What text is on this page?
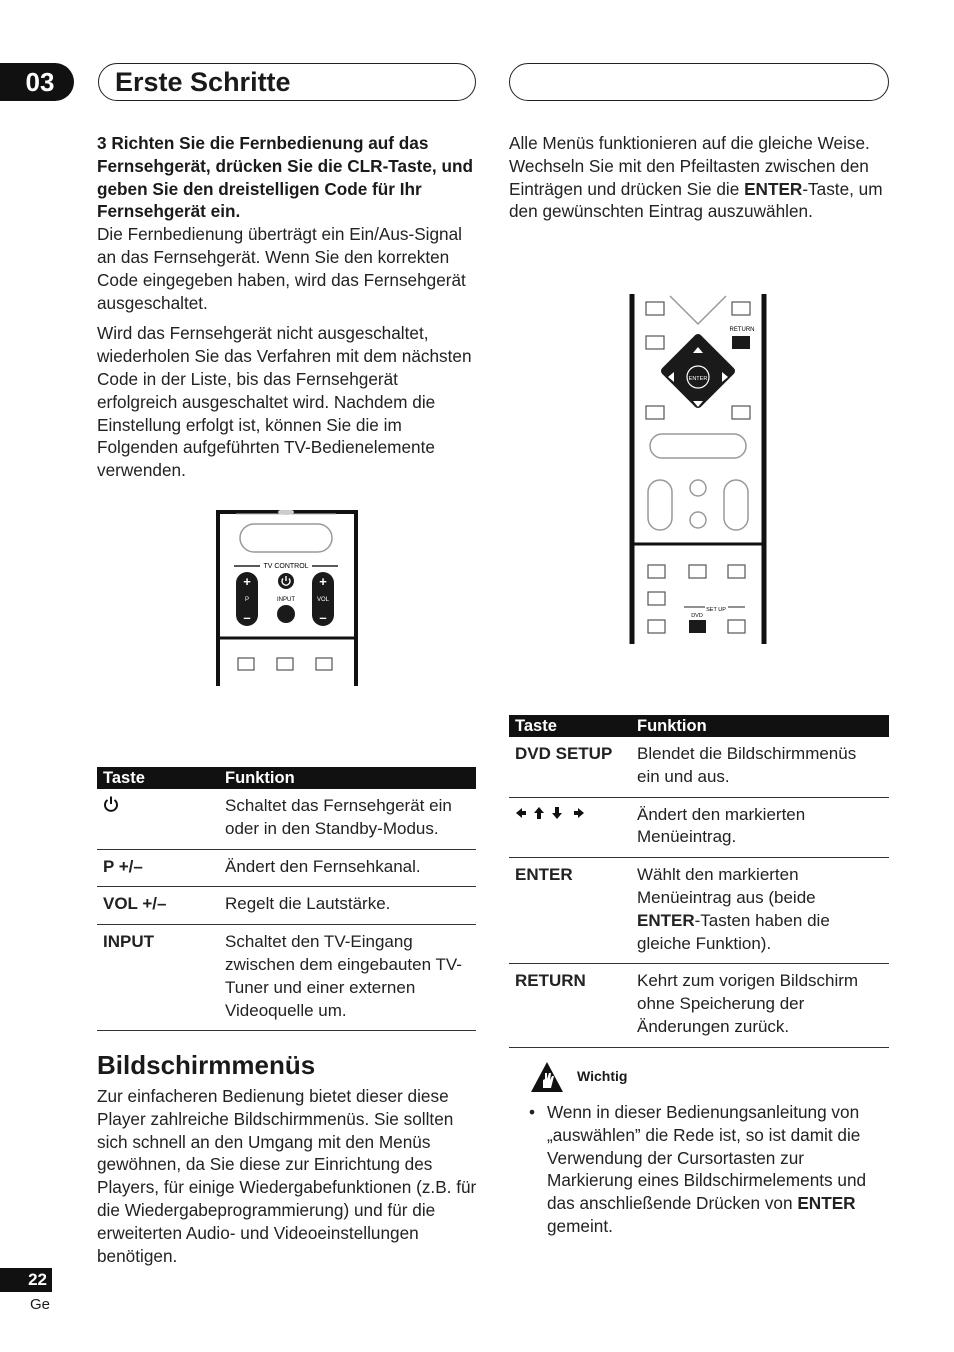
03	Erste Schritte

3 Richten Sie die Fernbedienung auf das Fernsehgerät, drücken Sie die CLR-Taste, und geben Sie den dreistelligen Code für Ihr Fernsehgerät ein.

Die Fernbedienung überträgt ein Ein/Aus-Signal an das Fernsehgerät. Wenn Sie den korrekten Code eingegeben haben, wird das Fernsehgerät ausgeschaltet.

Wird das Fernsehgerät nicht ausgeschaltet, wiederholen Sie das Verfahren mit dem nächsten Code in der Liste, bis das Fernsehgerät erfolgreich ausgeschaltet wird. Nachdem die Einstellung erfolgt ist, können Sie die im Folgenden aufgeführten TV-Bedienelemente verwenden.

TV CONTROL
+
–
+
–
P	VOL
INPUT
Taste	Funktion
	Schaltet das Fernsehgerät ein oder in den Standby-Modus.
P +/–	Ändert den Fernsehkanal.
VOL +/–	Regelt die Lautstärke.
INPUT	Schaltet den TV-Eingang zwischen dem eingebauten TV-Tuner und einer externen Videoquelle um.
Bildschirmmenüs

Zur einfacheren Bedienung bietet dieser diese Player zahlreiche Bildschirmmenüs. Sie sollten sich schnell an den Umgang mit den Menüs gewöhnen, da Sie diese zur Einrichtung des Players, für einige Wiedergabefunktionen (z.B. für die Wiedergabeprogrammierung) und für die erweiterten Audio- und Videoeinstellungen benötigen.

Alle Menüs funktionieren auf die gleiche Weise. Wechseln Sie mit den Pfeiltasten zwischen den Einträgen und drücken Sie die ENTER-Taste, um den gewünschten Eintrag auszuwählen.

RETURN
ENTER
SET UP
DVD
Taste	Funktion
DVD SETUP	Blendet die Bildschirmmenüs ein und aus.
	Ändert den markierten Menüeintrag.
ENTER	Wählt den markierten Menüeintrag aus (beide ENTER-Tasten haben die gleiche Funktion).
RETURN	Kehrt zum vorigen Bildschirm ohne Speicherung der Änderungen zurück.
Wichtig
• Wenn in dieser Bedienungsanleitung von „auswählen” die Rede ist, so ist damit die Verwendung der Cursortasten zur Markierung eines Bildschirmelements und das anschließende Drücken von ENTER gemeint.

22
Ge
